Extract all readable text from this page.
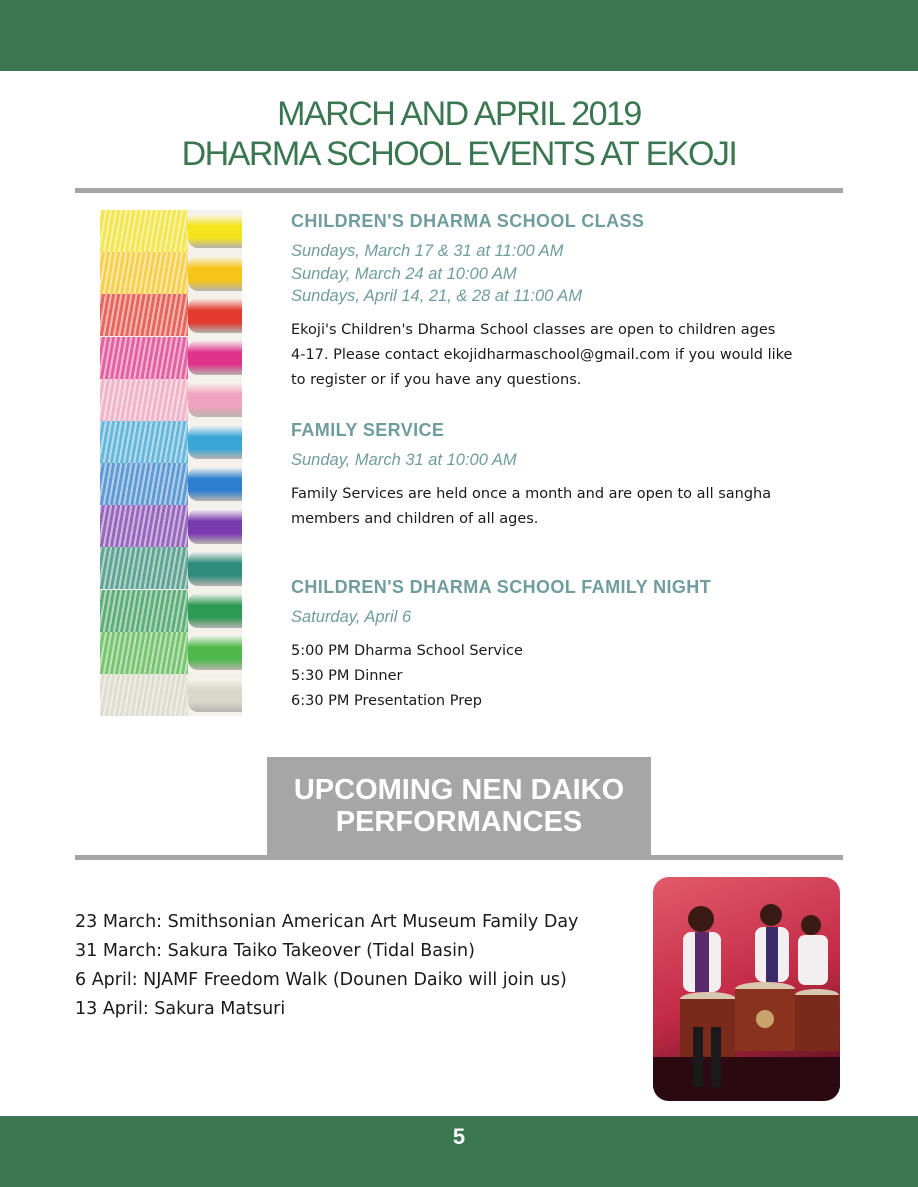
MARCH AND APRIL 2019
DHARMA SCHOOL EVENTS AT EKOJI
CHILDREN'S DHARMA SCHOOL CLASS
Sundays, March 17 & 31 at 11:00 AM
Sunday, March 24 at 10:00 AM
Sundays, April 14, 21, & 28 at 11:00 AM
Ekoji's Children's Dharma School classes are open to children ages
4-17. Please contact ekojidharmaschool@gmail.com if you would like
to register or if you have any questions.
FAMILY SERVICE
Sunday, March 31 at 10:00 AM
Family Services are held once a month and are open to all sangha
members and children of all ages.
CHILDREN'S DHARMA SCHOOL FAMILY NIGHT
Saturday, April 6
5:00 PM Dharma School Service
5:30 PM Dinner
6:30 PM Presentation Prep
UPCOMING NEN DAIKO
PERFORMANCES
23 March: Smithsonian American Art Museum Family Day
31 March: Sakura Taiko Takeover (Tidal Basin)
6 April: NJAMF Freedom Walk (Dounen Daiko will join us)
13 April: Sakura Matsuri
5
